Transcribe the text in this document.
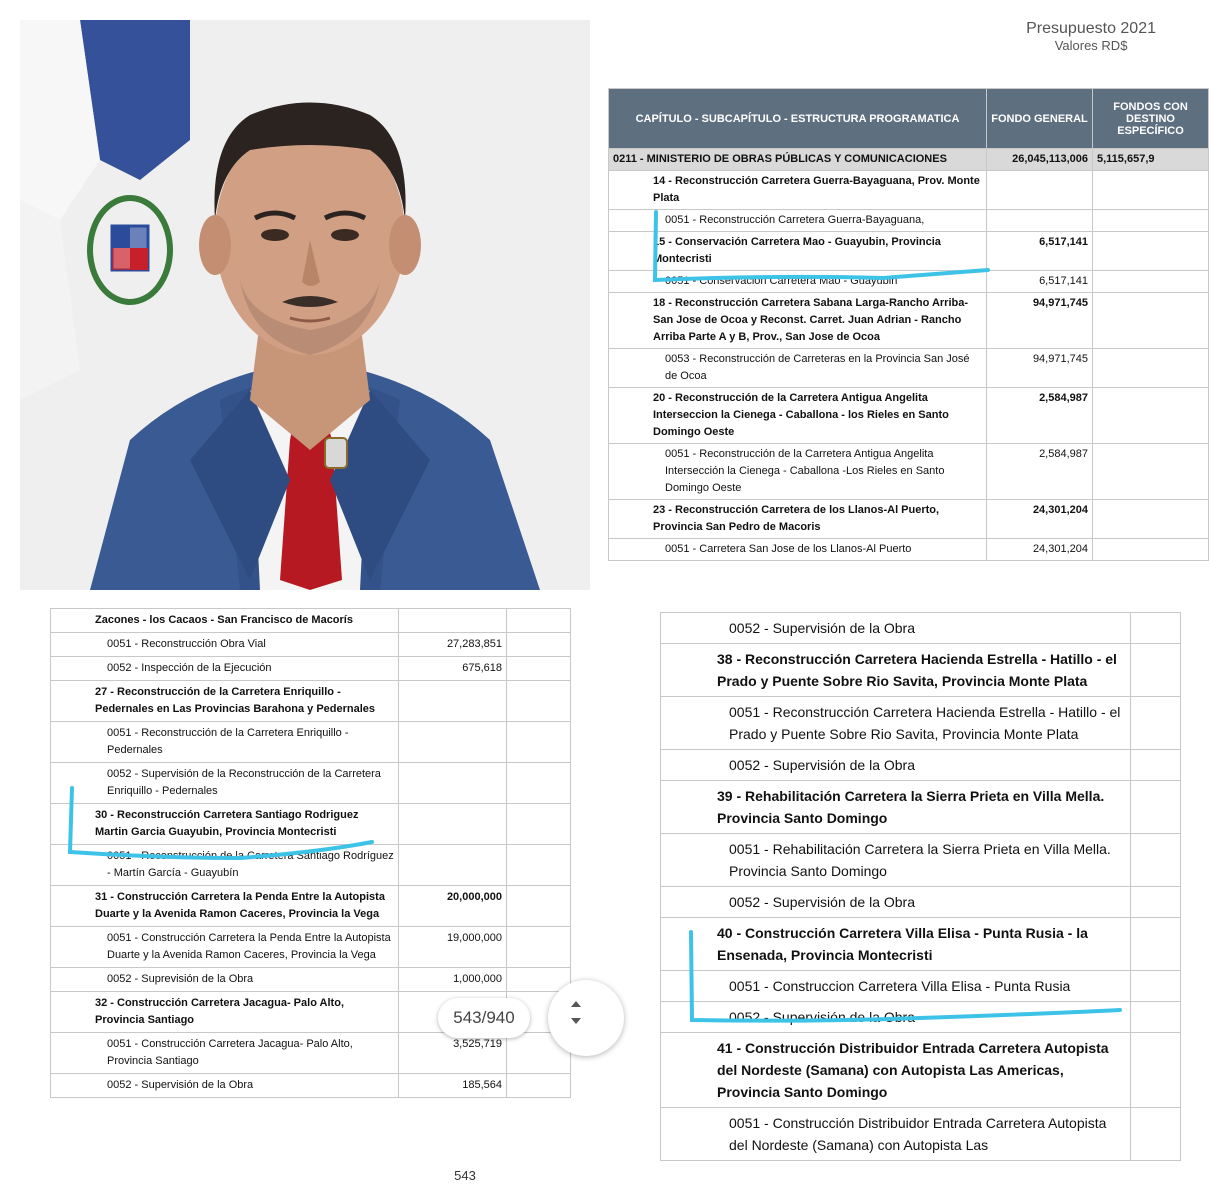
Presupuesto 2021
Valores RD$
CAPÍTULO - SUBCAPÍTULO - ESTRUCTURA PROGRAMATICA	FONDO GENERAL	FONDOS CON DESTINO ESPECÍFICO
0211 - MINISTERIO DE OBRAS PÚBLICAS Y COMUNICACIONES	26,045,113,006	5,115,657,9
14 - Reconstrucción Carretera Guerra-Bayaguana, Prov. Monte Plata		
0051 - Reconstrucción Carretera Guerra-Bayaguana,		
15 - Conservación Carretera Mao - Guayubin, Provincia Montecristi	6,517,141	
0051 - Conservacion Carretera Mao - Guayubin	6,517,141	
18 - Reconstrucción Carretera Sabana Larga-Rancho Arriba-San Jose de Ocoa y Reconst. Carret. Juan Adrian - Rancho Arriba Parte A y B, Prov., San Jose de Ocoa	94,971,745	
0053 - Reconstrucción de Carreteras en la Provincia San José de Ocoa	94,971,745	
20 - Reconstrucción de la Carretera Antigua Angelita Interseccion la Cienega - Caballona - los Rieles en Santo Domingo Oeste	2,584,987	
0051 - Reconstrucción de la Carretera Antigua Angelita Intersección la Cienega - Caballona -Los Rieles en Santo Domingo Oeste	2,584,987	
23 - Reconstrucción Carretera de los Llanos-Al Puerto, Provincia San Pedro de Macoris	24,301,204	
0051 - Carretera San Jose de los Llanos-Al Puerto	24,301,204	
Zacones - los Cacaos - San Francisco de Macorís		
0051 - Reconstrucción Obra Vial	27,283,851	
0052 - Inspección de la Ejecución	675,618	
27 - Reconstrucción de la Carretera Enriquillo - Pedernales en Las Provincias Barahona y Pedernales		
0051 - Reconstrucción de la Carretera Enriquillo - Pedernales		
0052 - Supervisión de la Reconstrucción de la Carretera Enriquillo - Pedernales		
30 - Reconstrucción Carretera Santiago Rodriguez Martin Garcia Guayubin, Provincia Montecristi		
0051 - Reconstrucción de la Carretera Santiago Rodríguez - Martín García - Guayubín		
31 - Construcción Carretera la Penda Entre la Autopista Duarte y la Avenida Ramon Caceres, Provincia la Vega	20,000,000	
0051 - Construcción Carretera la Penda Entre la Autopista Duarte y la Avenida Ramon Caceres, Provincia la Vega	19,000,000	
0052 - Suprevisión de la Obra	1,000,000	
32 - Construcción Carretera Jacagua- Palo Alto, Provincia Santiago		
0051 - Construcción Carretera Jacagua- Palo Alto, Provincia Santiago	3,525,719	
0052 - Supervisión de la Obra	185,564	
0052 - Supervisión de la Obra	
38 - Reconstrucción Carretera Hacienda Estrella - Hatillo - el Prado y Puente Sobre Rio Savita, Provincia Monte Plata	
0051 - Reconstrucción Carretera Hacienda Estrella - Hatillo - el Prado y Puente Sobre Rio Savita, Provincia Monte Plata	
0052 - Supervisión de la Obra	
39 - Rehabilitación Carretera la Sierra Prieta en Villa Mella. Provincia Santo Domingo	
0051 - Rehabilitación Carretera la Sierra Prieta en Villa Mella. Provincia Santo Domingo	
0052 - Supervisión de la Obra	
40 - Construcción Carretera Villa Elisa - Punta Rusia - la Ensenada, Provincia Montecristi	
0051 - Construccion Carretera Villa Elisa - Punta Rusia	
0052 - Supervisión de la Obra	
41 - Construcción Distribuidor Entrada Carretera Autopista del Nordeste (Samana) con Autopista Las Americas, Provincia Santo Domingo	
0051 - Construcción Distribuidor Entrada Carretera Autopista del Nordeste (Samana) con Autopista Las	
543/940
543
